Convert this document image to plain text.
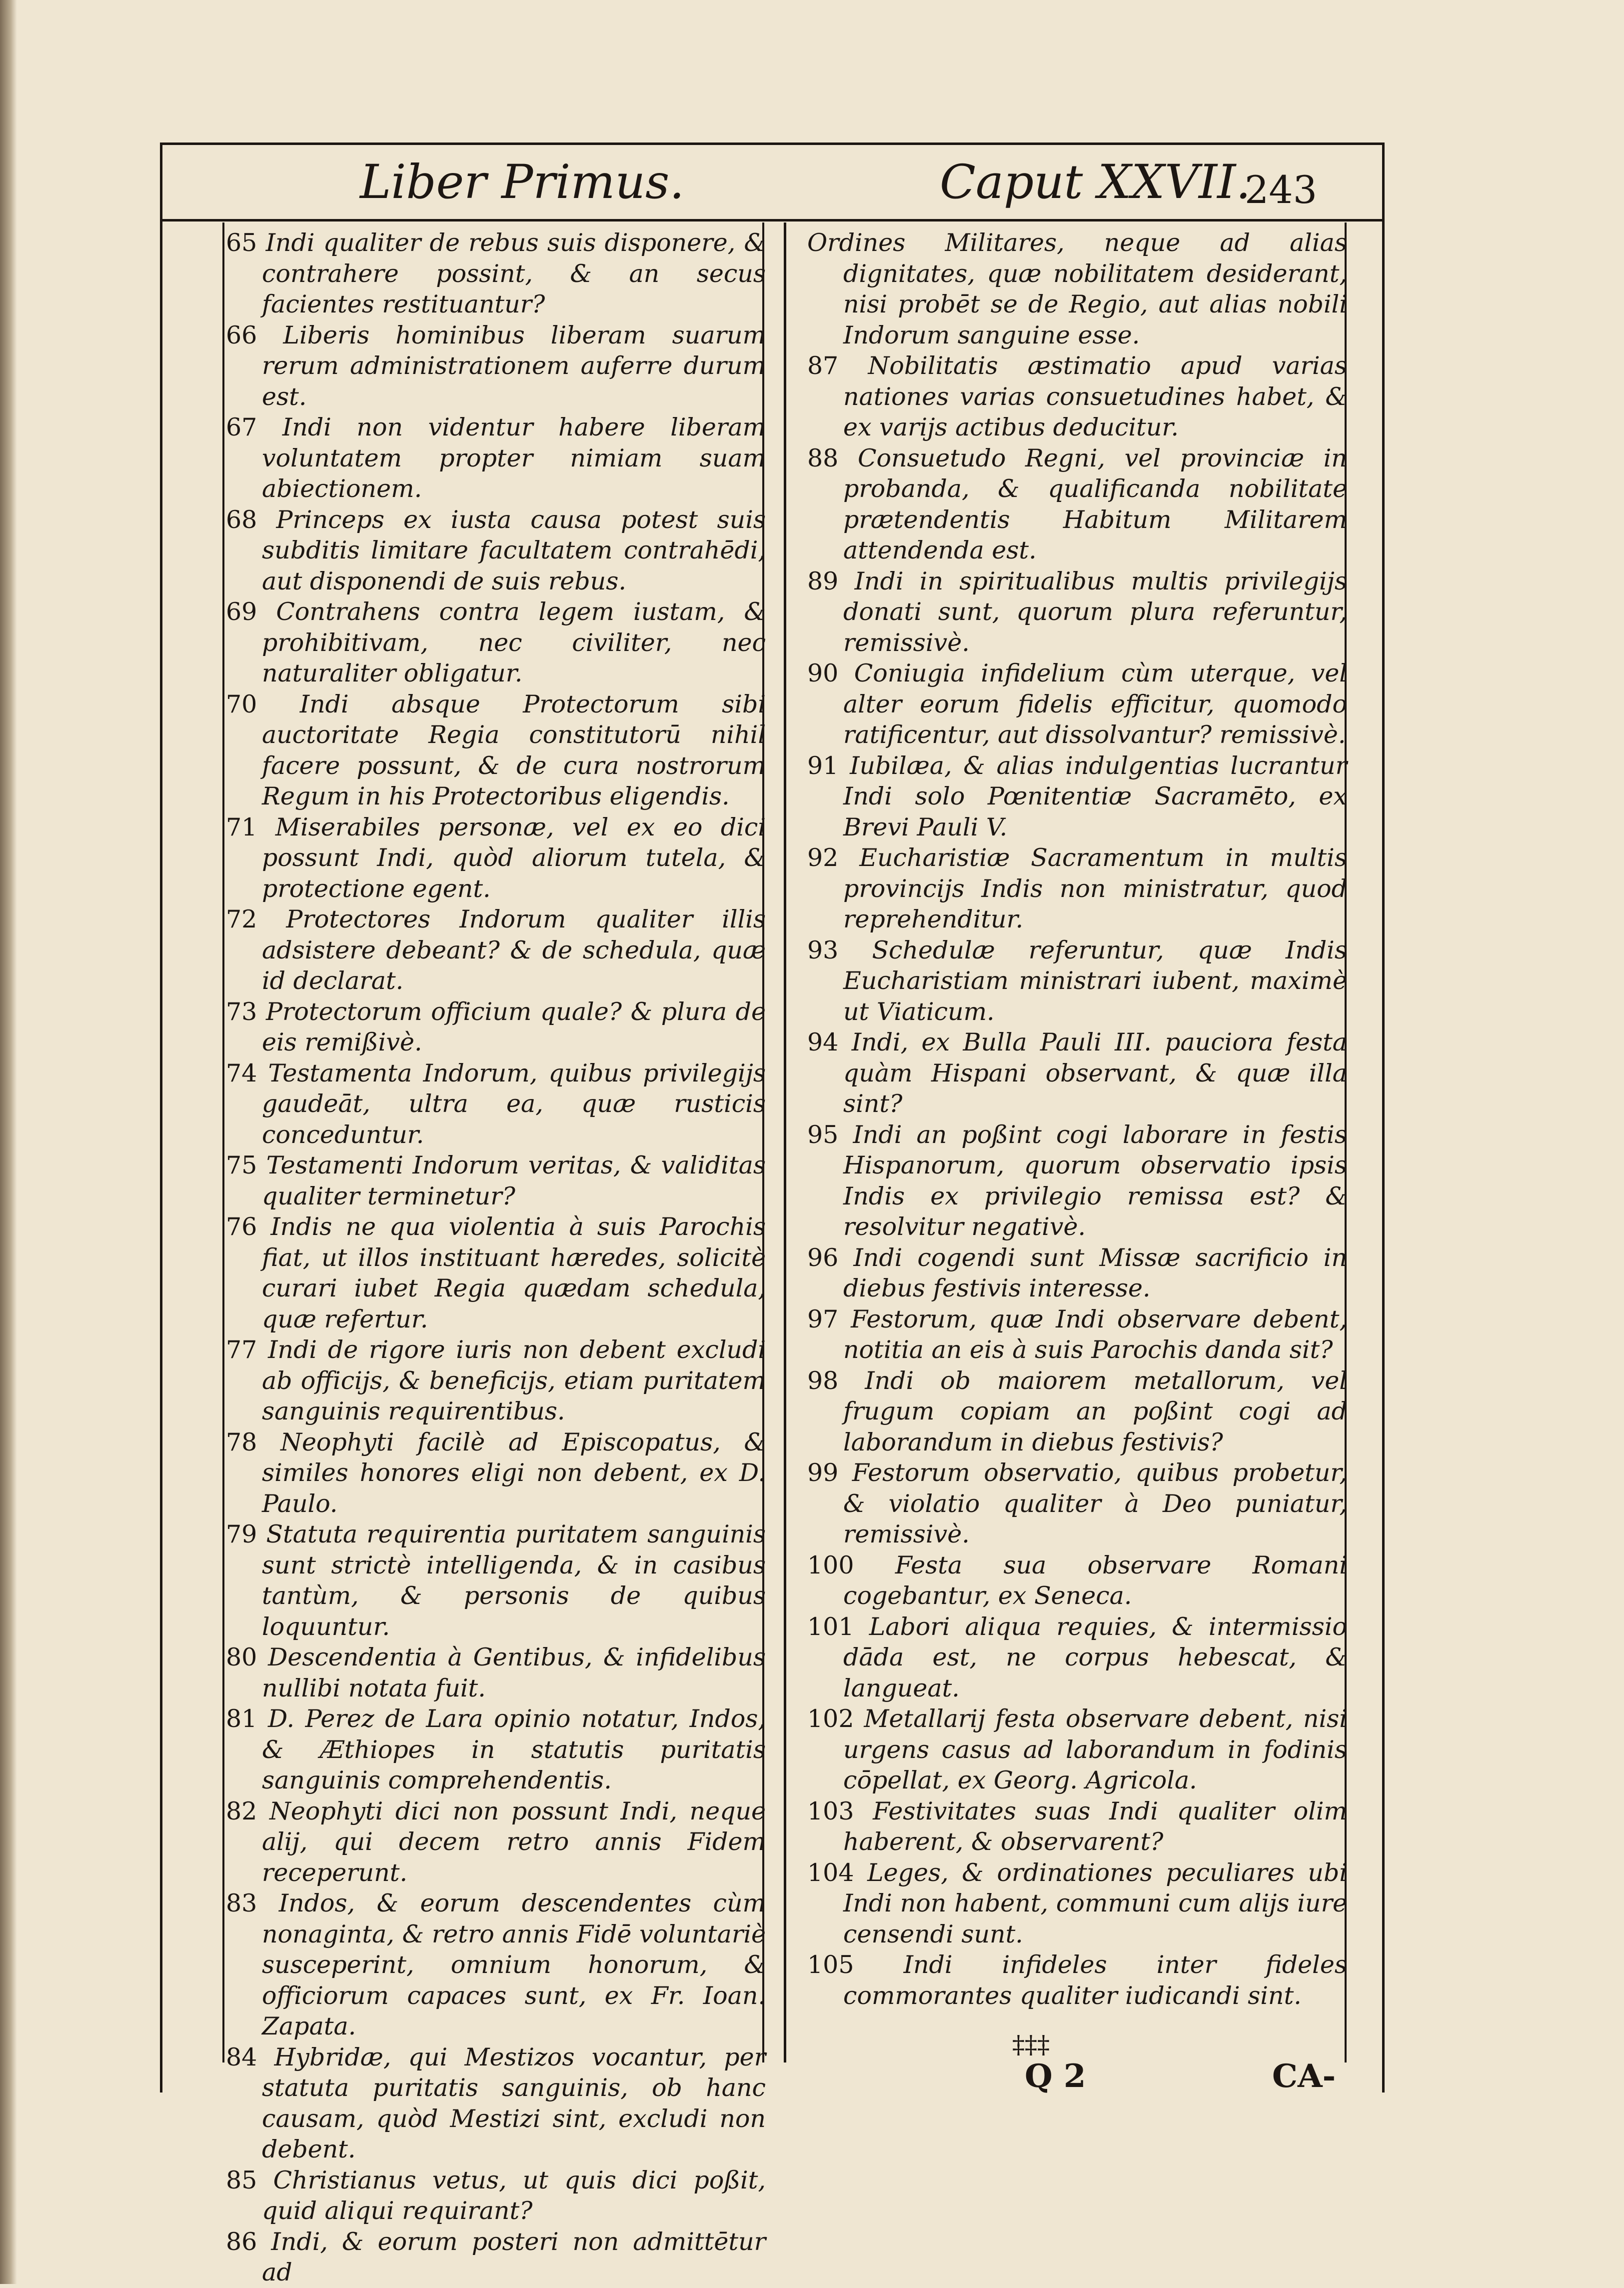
Liber Primus.	Caput XXVII.
243

65 Indi qualiter de rebus suis disponere, & contrahere possint, & an secus facientes restituantur?

66 Liberis hominibus liberam suarum rerum administrationem auferre durum est.

67 Indi non videntur habere liberam voluntatem propter nimiam suam abiectionem.

68 Princeps ex iusta causa potest suis subditis limitare facultatem contrahēdi, aut disponendi de suis rebus.

69 Contrahens contra legem iustam, & prohibitivam, nec civiliter, nec naturaliter obligatur.

70 Indi absque Protectorum sibi auctoritate Regia constitutorū nihil facere possunt, & de cura nostrorum Regum in his Protectoribus eligendis.

71 Miserabiles personæ, vel ex eo dici possunt Indi, quòd aliorum tutela, & protectione egent.

72 Protectores Indorum qualiter illis adsistere debeant? & de schedula, quæ id declarat.

73 Protectorum officium quale? & plura de eis remißivè.

74 Testamenta Indorum, quibus privilegijs gaudeāt, ultra ea, quæ rusticis conceduntur.

75 Testamenti Indorum veritas, & validitas qualiter terminetur?

76 Indis ne qua violentia à suis Parochis fiat, ut illos instituant hæredes, solicitè curari iubet Regia quædam schedula, quæ refertur.

77 Indi de rigore iuris non debent excludi ab officijs, & beneficijs, etiam puritatem sanguinis requirentibus.

78 Neophyti facilè ad Episcopatus, & similes honores eligi non debent, ex D. Paulo.

79 Statuta requirentia puritatem sanguinis sunt strictè intelligenda, & in casibus tantùm, & personis de quibus loquuntur.

80 Descendentia à Gentibus, & infidelibus nullibi notata fuit.

81 D. Perez de Lara opinio notatur, Indos, & Æthiopes in statutis puritatis sanguinis comprehendentis.

82 Neophyti dici non possunt Indi, neque alij, qui decem retro annis Fidem receperunt.

83 Indos, & eorum descendentes cùm nonaginta, & retro annis Fidē voluntariè susceperint, omnium honorum, & officiorum capaces sunt, ex Fr. Ioan. Zapata.

84 Hybridæ, qui Mestizos vocantur, per statuta puritatis sanguinis, ob hanc causam, quòd Mestizi sint, excludi non debent.

85 Christianus vetus, ut quis dici poßit, quid aliqui requirant?

86 Indi, & eorum posteri non admittētur ad

Ordines Militares, neque ad alias dignitates, quæ nobilitatem desiderant, nisi probēt se de Regio, aut alias nobili Indorum sanguine esse.

87 Nobilitatis æstimatio apud varias nationes varias consuetudines habet, & ex varijs actibus deducitur.

88 Consuetudo Regni, vel provinciæ in probanda, & qualificanda nobilitate prætendentis Habitum Militarem attendenda est.

89 Indi in spiritualibus multis privilegijs donati sunt, quorum plura referuntur, remissivè.

90 Coniugia infidelium cùm uterque, vel alter eorum fidelis efficitur, quomodo ratificentur, aut dissolvantur? remissivè.

91 Iubilæa, & alias indulgentias lucrantur Indi solo Pœnitentiæ Sacramēto, ex Brevi Pauli V.

92 Eucharistiæ Sacramentum in multis provincijs Indis non ministratur, quod reprehenditur.

93 Schedulæ referuntur, quæ Indis Eucharistiam ministrari iubent, maximè ut Viaticum.

94 Indi, ex Bulla Pauli III. pauciora festa quàm Hispani observant, & quæ illa sint?

95 Indi an poßint cogi laborare in festis Hispanorum, quorum observatio ipsis Indis ex privilegio remissa est? & resolvitur negativè.

96 Indi cogendi sunt Missæ sacrificio in diebus festivis interesse.

97 Festorum, quæ Indi observare debent, notitia an eis à suis Parochis danda sit?

98 Indi ob maiorem metallorum, vel frugum copiam an poßint cogi ad laborandum in diebus festivis?

99 Festorum observatio, quibus probetur, & violatio qualiter à Deo puniatur, remissivè.

100 Festa sua observare Romani cogebantur, ex Seneca.

101 Labori aliqua requies, & intermissio dāda est, ne corpus hebescat, & langueat.

102 Metallarij festa observare debent, nisi urgens casus ad laborandum in fodinis cōpellat, ex Georg. Agricola.

103 Festivitates suas Indi qualiter olim haberent, & observarent?

104 Leges, & ordinationes peculiares ubi Indi non habent, communi cum alijs iure censendi sunt.

105 Indi infideles inter fideles commorantes qualiter iudicandi sint.

‡‡‡
Q 2	CA-
